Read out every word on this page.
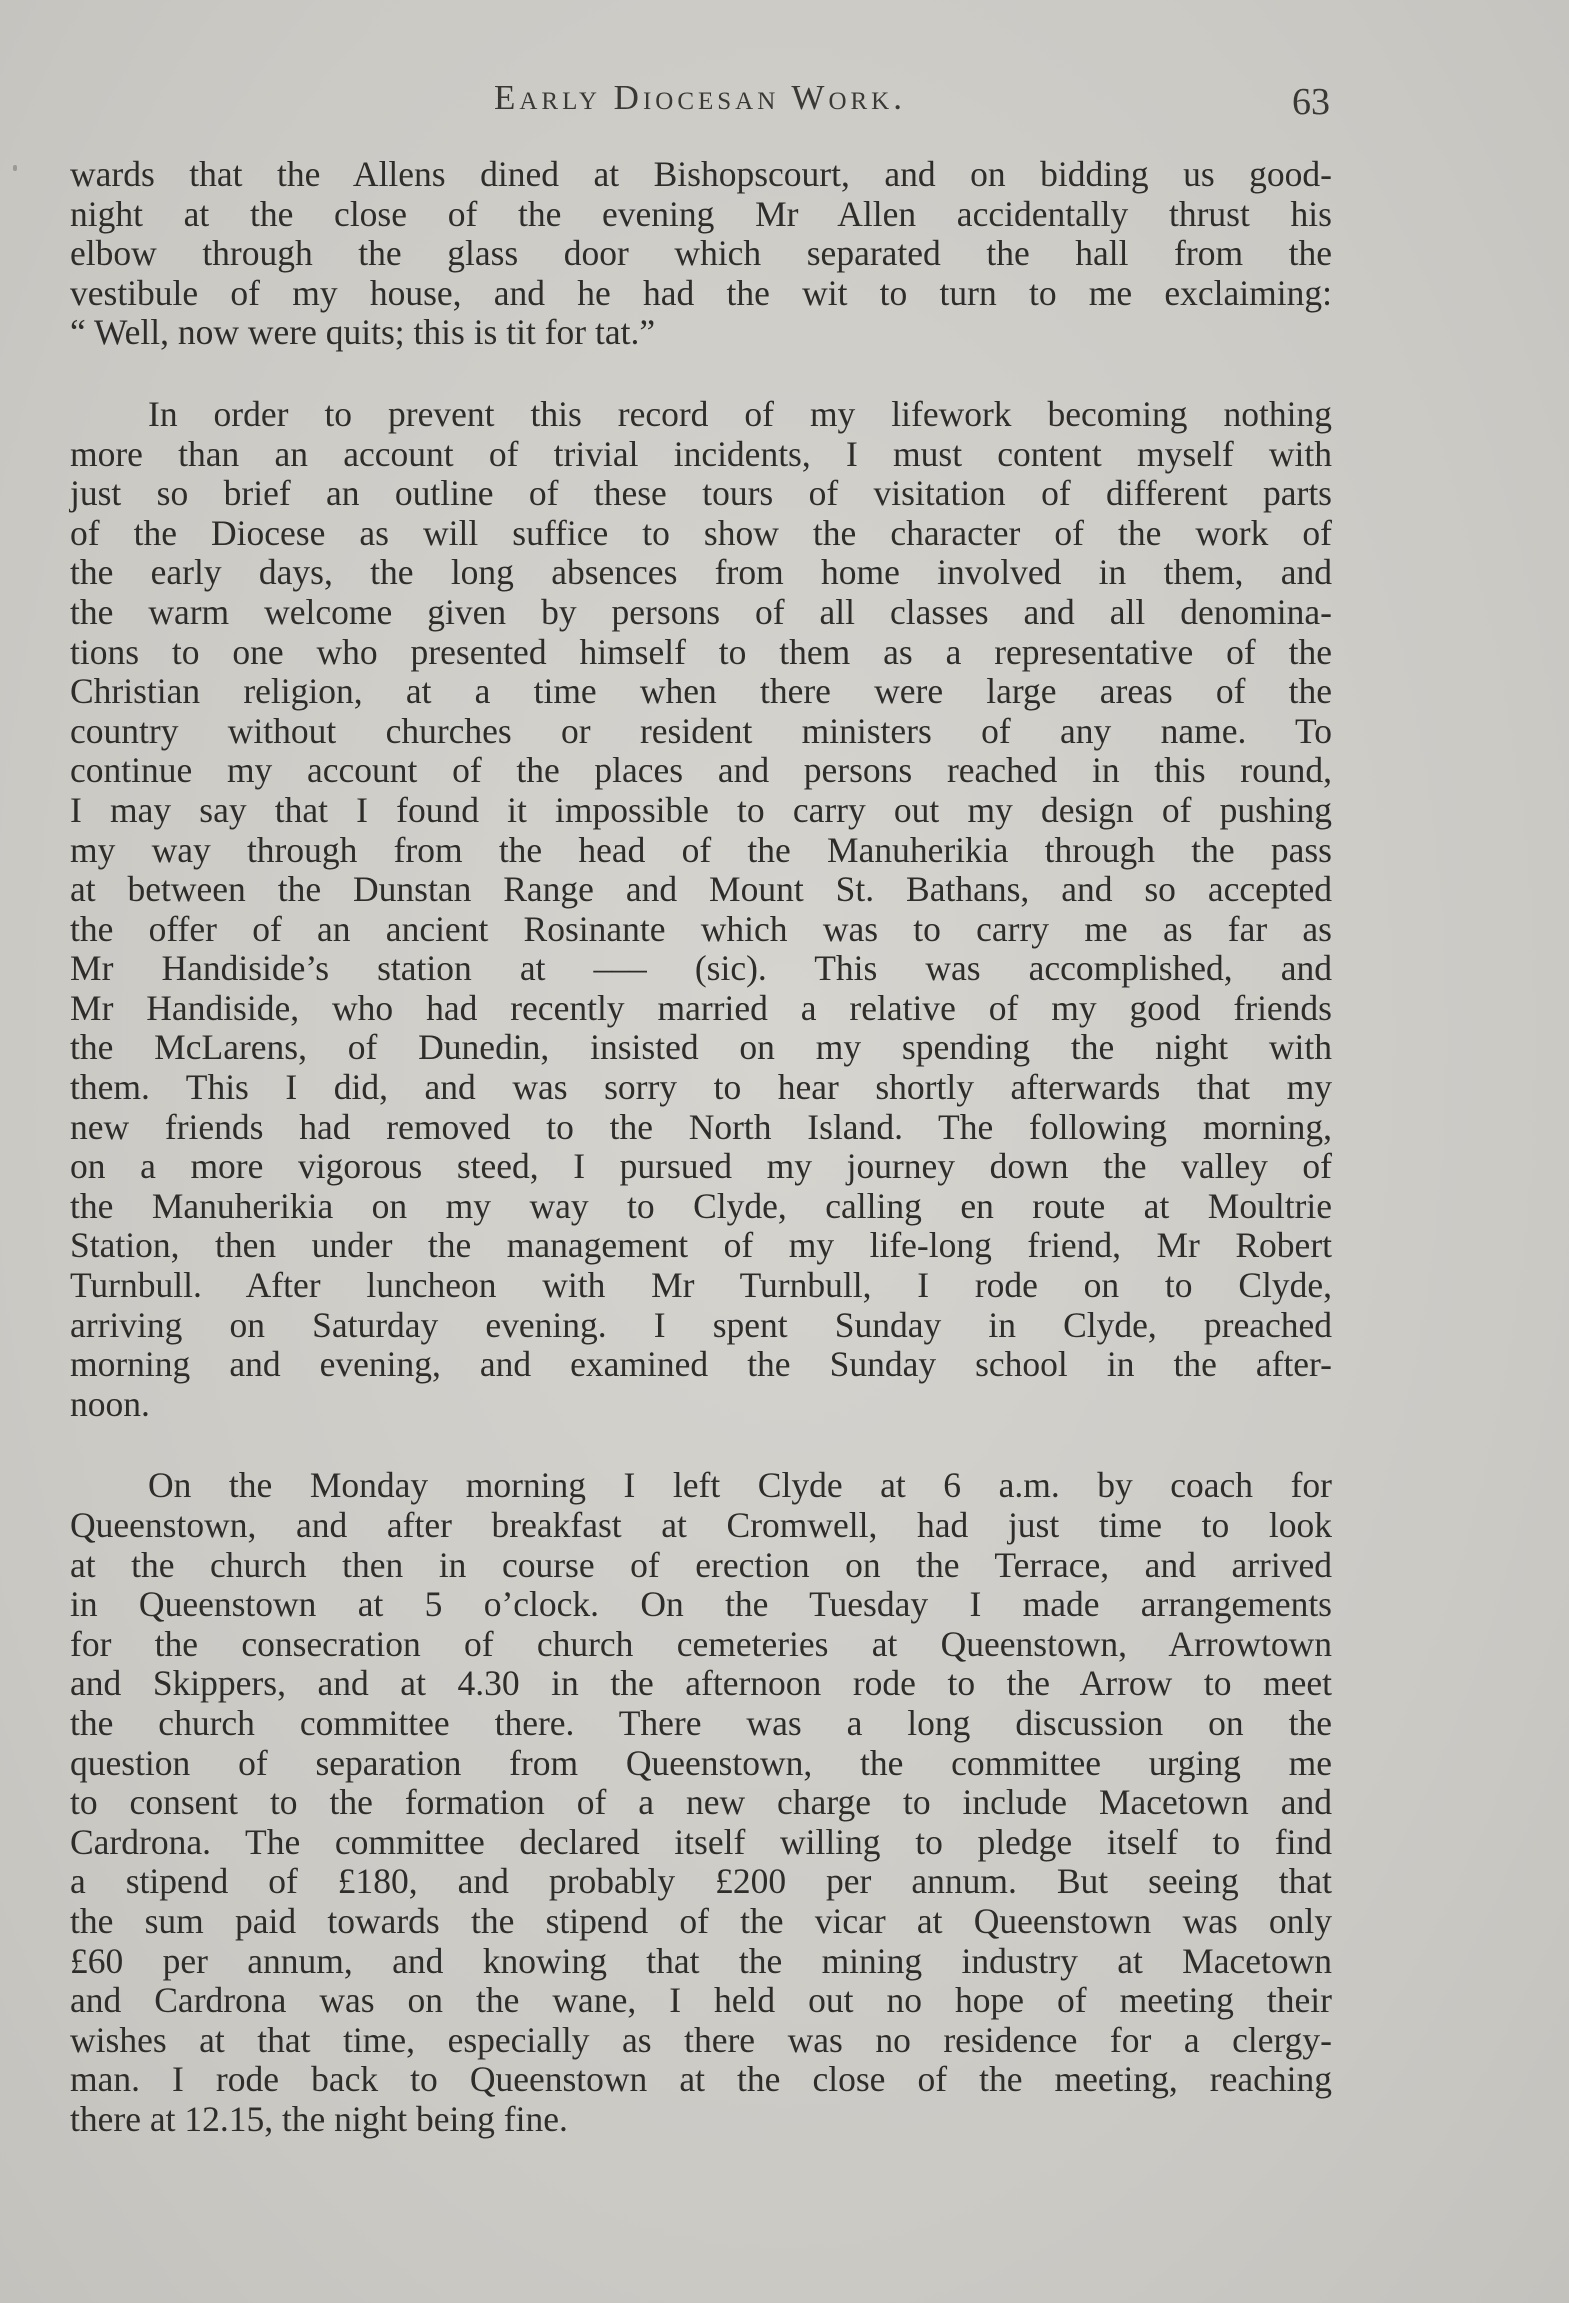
Early Diocesan Work.	63
wards that the Allens dined at Bishopscourt, and on bidding us good-
night at the close of the evening Mr Allen accidentally thrust his
elbow through the glass door which separated the hall from the
vestibule of my house, and he had the wit to turn to me exclaiming:
“ Well, now were quits; this is tit for tat.”
In order to prevent this record of my lifework becoming nothing
more than an account of trivial incidents, I must content myself with
just so brief an outline of these tours of visitation of different parts
of the Diocese as will suffice to show the character of the work of
the early days, the long absences from home involved in them, and
the warm welcome given by persons of all classes and all denomina-
tions to one who presented himself to them as a representative of the
Christian religion, at a time when there were large areas of the
country without churches or resident ministers of any name. To
continue my account of the places and persons reached in this round,
I may say that I found it impossible to carry out my design of pushing
my way through from the head of the Manuherikia through the pass
at between the Dunstan Range and Mount St. Bathans, and so accepted
the offer of an ancient Rosinante which was to carry me as far as
Mr Handiside’s station at ––– (sic). This was accomplished, and
Mr Handiside, who had recently married a relative of my good friends
the McLarens, of Dunedin, insisted on my spending the night with
them. This I did, and was sorry to hear shortly afterwards that my
new friends had removed to the North Island. The following morning,
on a more vigorous steed, I pursued my journey down the valley of
the Manuherikia on my way to Clyde, calling en route at Moultrie
Station, then under the management of my life-long friend, Mr Robert
Turnbull. After luncheon with Mr Turnbull, I rode on to Clyde,
arriving on Saturday evening. I spent Sunday in Clyde, preached
morning and evening, and examined the Sunday school in the after-
noon.
On the Monday morning I left Clyde at 6 a.m. by coach for
Queenstown, and after breakfast at Cromwell, had just time to look
at the church then in course of erection on the Terrace, and arrived
in Queenstown at 5 o’clock. On the Tuesday I made arrangements
for the consecration of church cemeteries at Queenstown, Arrowtown
and Skippers, and at 4.30 in the afternoon rode to the Arrow to meet
the church committee there. There was a long discussion on the
question of separation from Queenstown, the committee urging me
to consent to the formation of a new charge to include Macetown and
Cardrona. The committee declared itself willing to pledge itself to find
a stipend of £180, and probably £200 per annum. But seeing that
the sum paid towards the stipend of the vicar at Queenstown was only
£60 per annum, and knowing that the mining industry at Macetown
and Cardrona was on the wane, I held out no hope of meeting their
wishes at that time, especially as there was no residence for a clergy-
man. I rode back to Queenstown at the close of the meeting, reaching
there at 12.15, the night being fine.
